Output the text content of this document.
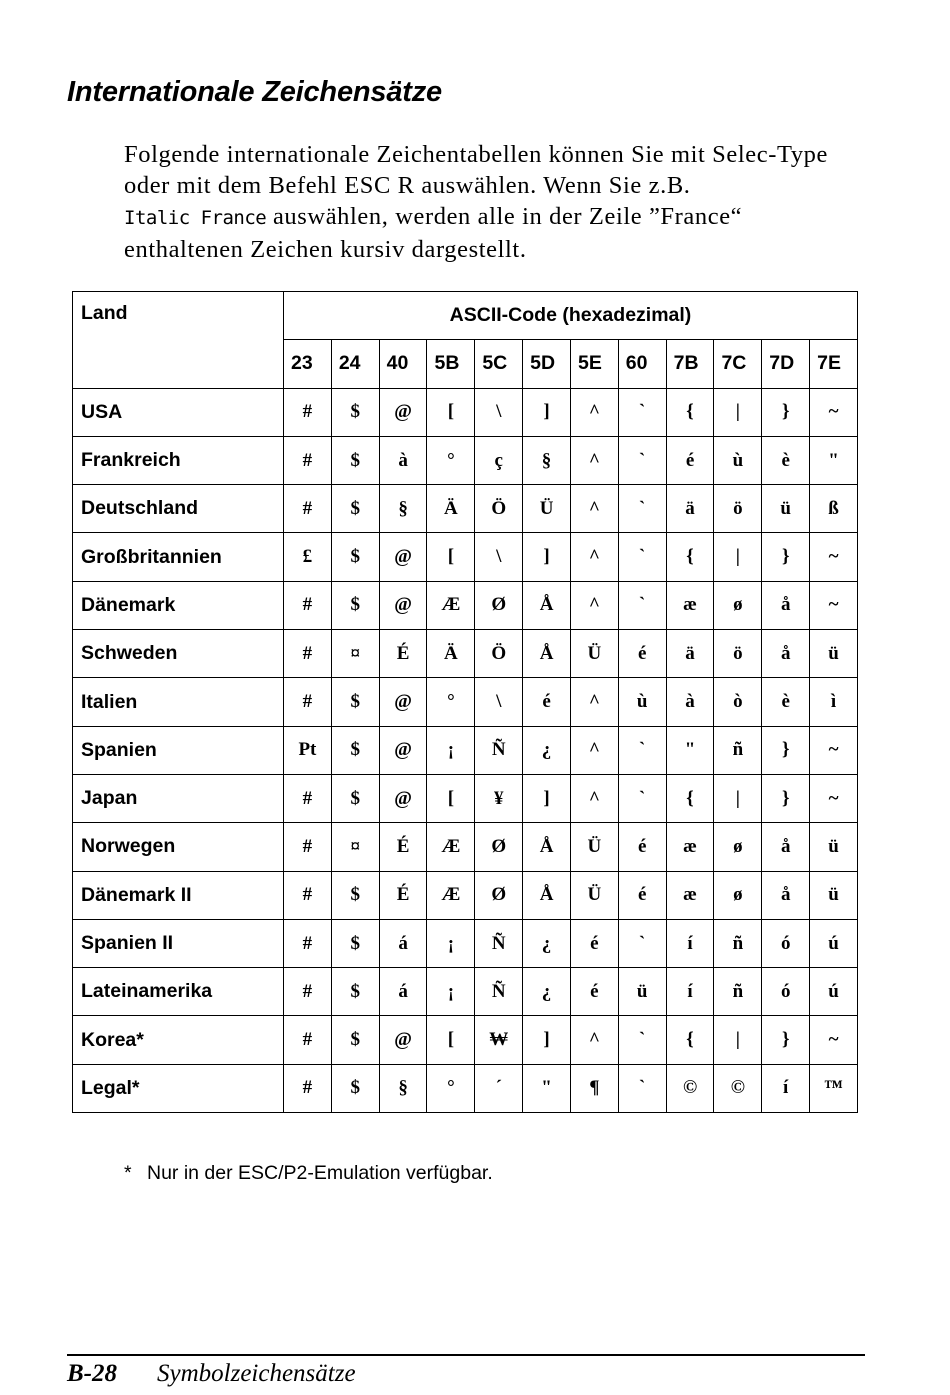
Internationale Zeichensätze

Folgende internationale Zeichentabellen können Sie mit Selec-Type oder mit dem Befehl ESC R auswählen. Wenn Sie z.B.
Italic France auswählen, werden alle in der Zeile ”France“ enthaltenen Zeichen kursiv dargestellt.

Land	ASCII-Code (hexadezimal)											
	23	24	40	5B	5C	5D	5E	60	7B	7C	7D	7E
USA	#	$	@	[	\	]	^	`	{	|	}	~
Frankreich	#	$	à	°	ç	§	^	`	é	ù	è	"
Deutschland	#	$	§	Ä	Ö	Ü	^	`	ä	ö	ü	ß
Großbritannien	£	$	@	[	\	]	^	`	{	|	}	~
Dänemark	#	$	@	Æ	Ø	Å	^	`	æ	ø	å	~
Schweden	#	¤	É	Ä	Ö	Å	Ü	é	ä	ö	å	ü
Italien	#	$	@	°	\	é	^	ù	à	ò	è	ì
Spanien	Pt	$	@	¡	Ñ	¿	^	`	"	ñ	}	~
Japan	#	$	@	[	¥	]	^	`	{	|	}	~
Norwegen	#	¤	É	Æ	Ø	Å	Ü	é	æ	ø	å	ü
Dänemark II	#	$	É	Æ	Ø	Å	Ü	é	æ	ø	å	ü
Spanien II	#	$	á	¡	Ñ	¿	é	`	í	ñ	ó	ú
Lateinamerika	#	$	á	¡	Ñ	¿	é	ü	í	ñ	ó	ú
Korea*	#	$	@	[	₩	]	^	`	{	|	}	~
Legal*	#	$	§	°	´	"	¶	`	©	©	í	™

* Nur in der ESC/P2-Emulation verfügbar.

B-28 Symbolzeichensätze
